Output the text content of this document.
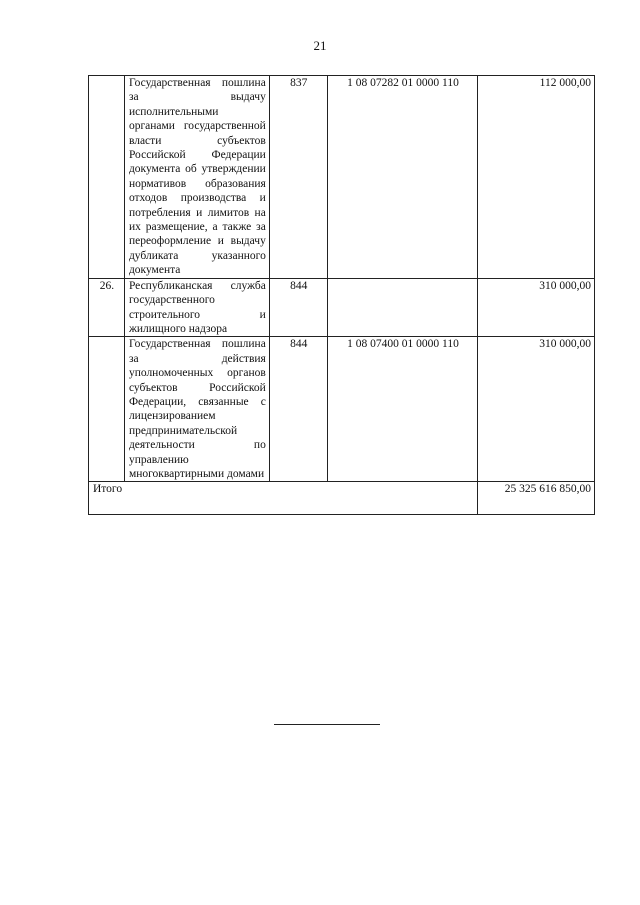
21
	Государственная пошлина за выдачу исполнительными органами государственной власти субъектов Российской Федерации документа об утверждении нормативов образования отходов производства и потребления и лимитов на их размещение, а также за переоформление и выдачу дубликата указанного документа	837	1 08 07282 01 0000 110	112 000,00
26.	Республиканская служба государственного строительного и жилищного надзора	844		310 000,00
	Государственная пошлина за действия уполномоченных органов субъектов Российской Федерации, связанные с лицензированием предпринимательской деятельности по управлению многоквартирными домами	844	1 08 07400 01 0000 110	310 000,00
Итого				25 325 616 850,00
